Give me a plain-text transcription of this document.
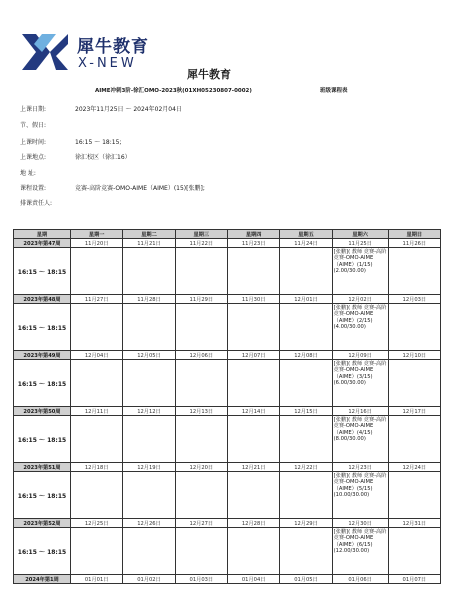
犀牛教育
X-NEW
犀牛教育
AIME冲刺3阶-徐汇OMO-2023秋(01XH05230807-0002)	班级课程表
上课日期:	2023年11月25日 ～ 2024年02月04日
节、假日:
上课时间:	16:15 ～ 18:15;
上课地点:	徐汇校区（徐汇16）
地 址:
课程设置:	竞赛-高阶竞赛-OMO-AIME（AIME）(15)[张鹏];
排课责任人:
星期	星期一	星期二	星期三	星期四	星期五	星期六	星期日
2023年第47周	11月20日	11月21日	11月22日	11月23日	11月24日	11月25日	11月26日
16:15 ～ 18:15						[张鹏]( 教师 竞赛-高阶竞赛-OMO-AIME（AIME）(1/15)(2.00/30.00)	
2023年第48周	11月27日	11月28日	11月29日	11月30日	12月01日	12月02日	12月03日
16:15 ～ 18:15						[张鹏]( 教师 竞赛-高阶竞赛-OMO-AIME（AIME）(2/15)(4.00/30.00)	
2023年第49周	12月04日	12月05日	12月06日	12月07日	12月08日	12月09日	12月10日
16:15 ～ 18:15						[张鹏]( 教师 竞赛-高阶竞赛-OMO-AIME（AIME）(3/15)(6.00/30.00)	
2023年第50周	12月11日	12月12日	12月13日	12月14日	12月15日	12月16日	12月17日
16:15 ～ 18:15						[张鹏]( 教师 竞赛-高阶竞赛-OMO-AIME（AIME）(4/15)(8.00/30.00)	
2023年第51周	12月18日	12月19日	12月20日	12月21日	12月22日	12月23日	12月24日
16:15 ～ 18:15						[张鹏]( 教师 竞赛-高阶竞赛-OMO-AIME（AIME）(5/15)(10.00/30.00)	
2023年第52周	12月25日	12月26日	12月27日	12月28日	12月29日	12月30日	12月31日
16:15 ～ 18:15						[张鹏]( 教师 竞赛-高阶竞赛-OMO-AIME（AIME）(6/15)(12.00/30.00)	
2024年第1周	01月01日	01月02日	01月03日	01月04日	01月05日	01月06日	01月07日
